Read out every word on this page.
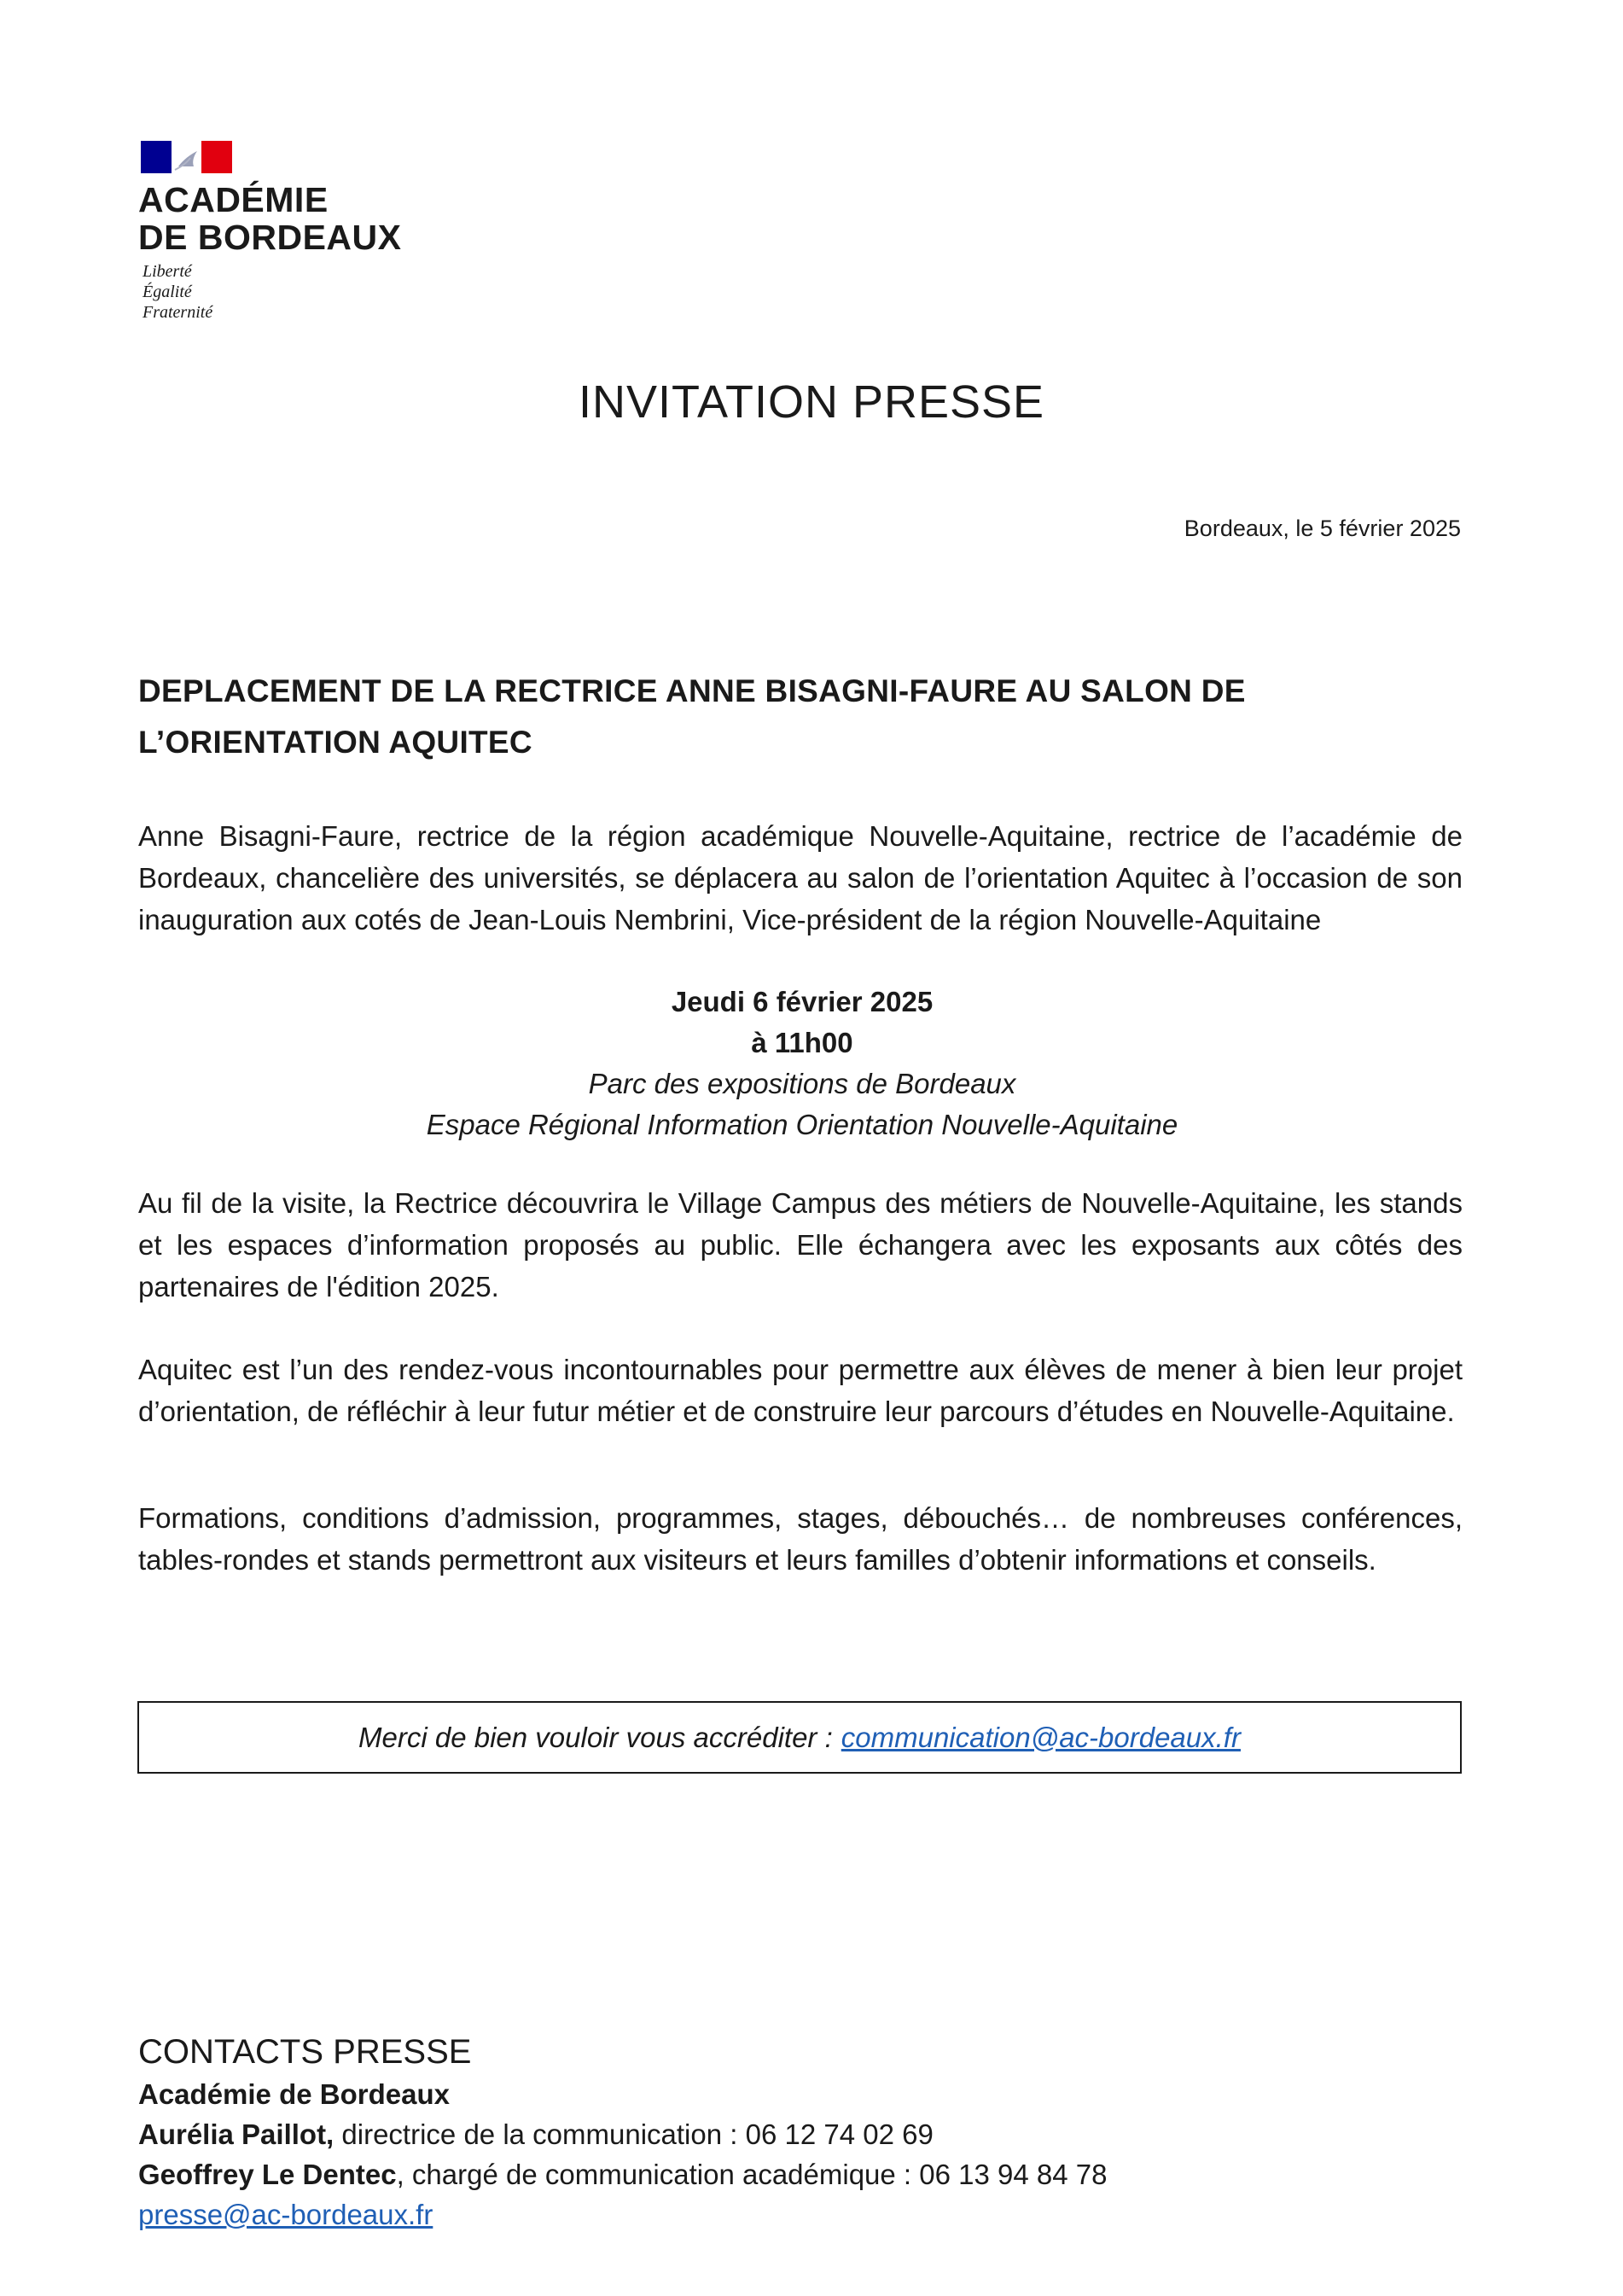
ACADÉMIE
DE BORDEAUX
Liberté
Égalité
Fraternité
INVITATION PRESSE
Bordeaux, le 5 février 2025
DEPLACEMENT DE LA RECTRICE ANNE BISAGNI-FAURE AU SALON DE
L’ORIENTATION AQUITEC
Anne Bisagni-Faure, rectrice de la région académique Nouvelle-Aquitaine, rectrice de l’académie de Bordeaux, chancelière des universités, se déplacera au salon de l’orientation Aquitec à l’occasion de son inauguration aux cotés de Jean-Louis Nembrini, Vice-président de la région Nouvelle-Aquitaine
Jeudi 6 février 2025
à 11h00
Parc des expositions de Bordeaux
Espace Régional Information Orientation Nouvelle-Aquitaine
Au fil de la visite, la Rectrice découvrira le Village Campus des métiers de Nouvelle-Aquitaine, les stands et les espaces d’information proposés au public. Elle échangera avec les exposants aux côtés des partenaires de l'édition 2025.
Aquitec est l’un des rendez-vous incontournables pour permettre aux élèves de mener à bien leur projet d’orientation, de réfléchir à leur futur métier et de construire leur parcours d’études en Nouvelle-Aquitaine.
Formations, conditions d’admission, programmes, stages, débouchés… de nombreuses conférences, tables-rondes et stands permettront aux visiteurs et leurs familles d’obtenir informations et conseils.
Merci de bien vouloir vous accréditer : communication@ac-bordeaux.fr
CONTACTS PRESSE
Académie de Bordeaux
Aurélia Paillot, directrice de la communication : 06 12 74 02 69
Geoffrey Le Dentec, chargé de communication académique : 06 13 94 84 78
presse@ac-bordeaux.fr
